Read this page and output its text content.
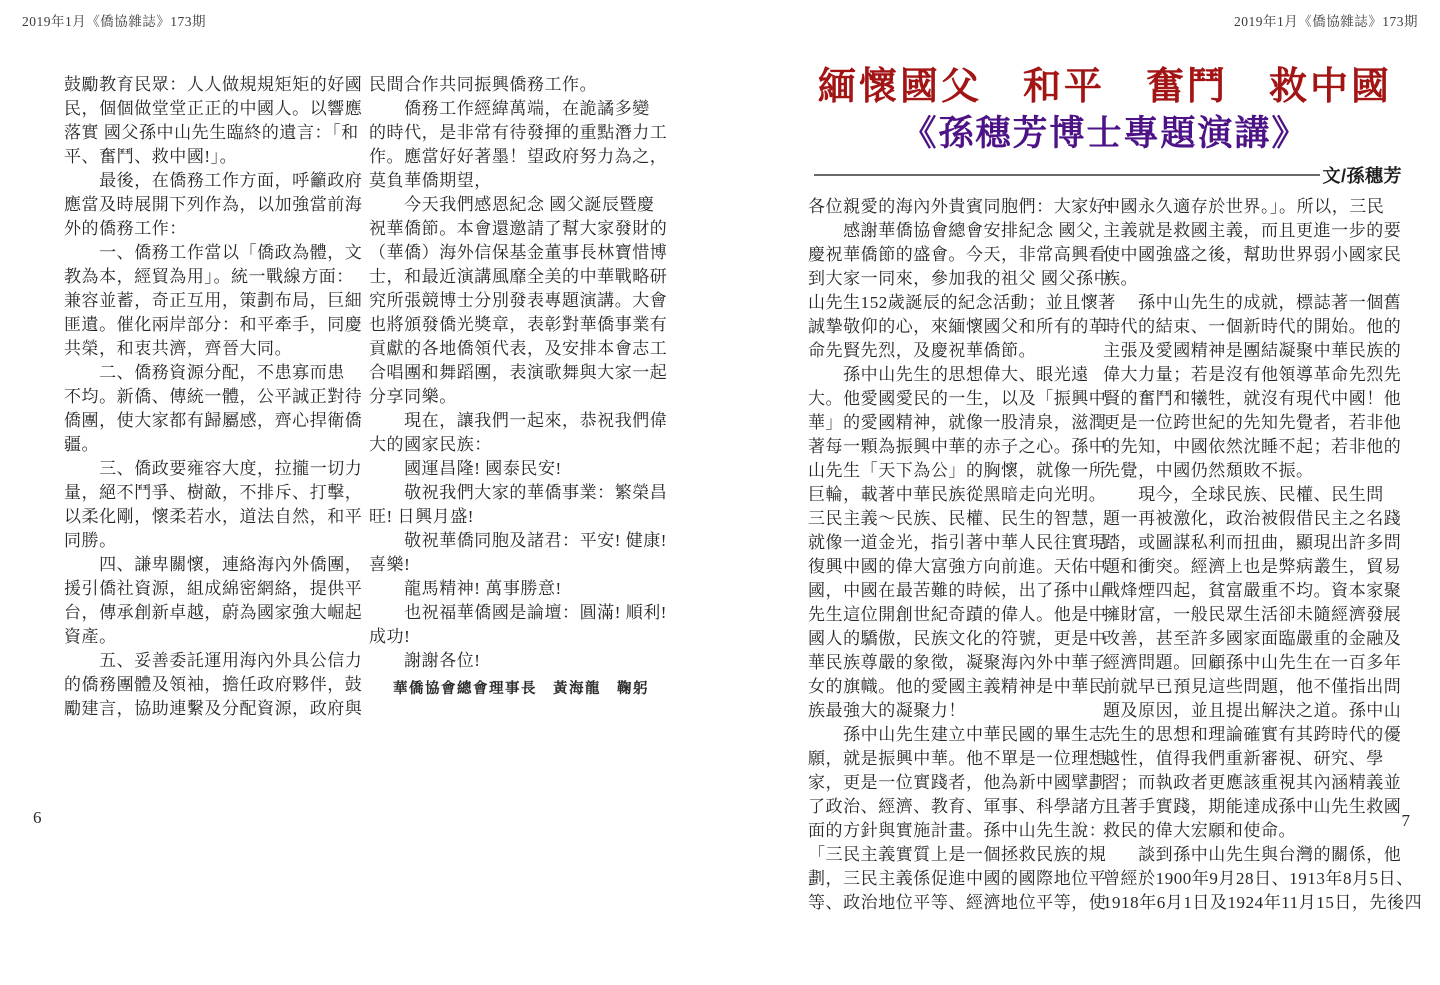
2019年1月《僑協雜誌》173期	2019年1月《僑協雜誌》173期
鼓勵教育民眾：人人做規規矩矩的好國
民，個個做堂堂正正的中國人。以響應
落實 國父孫中山先生臨終的遺言：「和
平、奮鬥、救中國!」。
　　最後，在僑務工作方面，呼籲政府
應當及時展開下列作為，以加強當前海
外的僑務工作：
　　一、僑務工作當以「僑政為體，文
教為本，經貿為用」。統一戰線方面：
兼容並蓄，奇正互用，策劃布局，巨細
匪遺。催化兩岸部分：和平牽手，同慶
共榮，和衷共濟，齊晉大同。
　　二、僑務資源分配，不患寡而患
不均。新僑、傳統一體，公平誠正對待
僑團，使大家都有歸屬感，齊心捍衛僑
疆。
　　三、僑政要雍容大度，拉攏一切力
量，絕不鬥爭、樹敵，不排斥、打擊，
以柔化剛，懷柔若水，道法自然，和平
同勝。
　　四、謙卑關懷，連絡海內外僑團，
援引僑社資源，組成綿密網絡，提供平
台，傳承創新卓越，蔚為國家強大崛起
資產。
　　五、妥善委託運用海內外具公信力
的僑務團體及領袖，擔任政府夥伴，鼓
勵建言，協助連繫及分配資源，政府與
民間合作共同振興僑務工作。
　　僑務工作經緯萬端，在詭譎多變
的時代，是非常有待發揮的重點潛力工
作。應當好好著墨！望政府努力為之，
莫負華僑期望，
　　今天我們感恩紀念 國父誕辰暨慶
祝華僑節。本會還邀請了幫大家發財的
（華僑）海外信保基金董事長林寶惜博
士，和最近演講風靡全美的中華戰略研
究所張競博士分別發表專題演講。大會
也將頒發僑光獎章，表彰對華僑事業有
貢獻的各地僑領代表，及安排本會志工
合唱團和舞蹈團，表演歌舞與大家一起
分享同樂。
　　現在，讓我們一起來，恭祝我們偉
大的國家民族：
　　國運昌隆! 國泰民安!
　　敬祝我們大家的華僑事業：繁榮昌
旺! 日興月盛!
　　敬祝華僑同胞及諸君：平安! 健康!
喜樂!
　　龍馬精神! 萬事勝意!
　　也祝福華僑國是論壇：圓滿! 順利!
成功!
　　謝謝各位!
華僑協會總會理事長　黃海龍　鞠躬
6
緬懷國父　和平　奮鬥　救中國
《孫穗芳博士專題演講》
文/孫穗芳
各位親愛的海內外貴賓同胞們：大家好!
　　感謝華僑協會總會安排紀念 國父，
慶祝華僑節的盛會。今天，非常高興看
到大家一同來，參加我的祖父 國父孫中
山先生152歲誕辰的紀念活動；並且懷著
誠摯敬仰的心，來緬懷國父和所有的革
命先賢先烈，及慶祝華僑節。
　　孫中山先生的思想偉大、眼光遠
大。他愛國愛民的一生，以及「振興中
華」的愛國精神，就像一股清泉，滋潤
著每一顆為振興中華的赤子之心。孫中
山先生「天下為公」的胸懷，就像一所
巨輪，載著中華民族從黑暗走向光明。
三民主義～民族、民權、民生的智慧，
就像一道金光，指引著中華人民往實現
復興中國的偉大富強方向前進。天佑中
國，中國在最苦難的時候，出了孫中山
先生這位開創世紀奇蹟的偉人。他是中
國人的驕傲，民族文化的符號，更是中
華民族尊嚴的象徵，凝聚海內外中華子
女的旗幟。他的愛國主義精神是中華民
族最強大的凝聚力！
　　孫中山先生建立中華民國的畢生志
願，就是振興中華。他不單是一位理想
家，更是一位實踐者，他為新中國擘劃
了政治、經濟、教育、軍事、科學諸方
面的方針與實施計畫。孫中山先生說：
「三民主義實質上是一個拯救民族的規
劃，三民主義係促進中國的國際地位平
等、政治地位平等、經濟地位平等，使
中國永久適存於世界。」。所以，三民
主義就是救國主義，而且更進一步的要
使中國強盛之後，幫助世界弱小國家民
族。
　　孫中山先生的成就，標誌著一個舊
時代的結束、一個新時代的開始。他的
主張及愛國精神是團結凝聚中華民族的
偉大力量；若是沒有他領導革命先烈先
賢的奮鬥和犧牲，就沒有現代中國！他
更是一位跨世紀的先知先覺者，若非他
的先知，中國依然沈睡不起；若非他的
先覺，中國仍然頹敗不振。
　　現今，全球民族、民權、民生問
題一再被激化，政治被假借民主之名踐
踏，或圖謀私利而扭曲，顯現出許多問
題和衝突。經濟上也是弊病叢生，貿易
戰烽煙四起，貧富嚴重不均。資本家聚
擁財富，一般民眾生活卻未隨經濟發展
改善，甚至許多國家面臨嚴重的金融及
經濟問題。回顧孫中山先生在一百多年
前就早已預見這些問題，他不僅指出問
題及原因，並且提出解決之道。孫中山
先生的思想和理論確實有其跨時代的優
越性，值得我們重新審視、研究、學
習；而執政者更應該重視其內涵精義並
且著手實踐，期能達成孫中山先生救國
救民的偉大宏願和使命。
　　談到孫中山先生與台灣的關係，他
曾經於1900年9月28日、1913年8月5日、
1918年6月1日及1924年11月15日，先後四
7
